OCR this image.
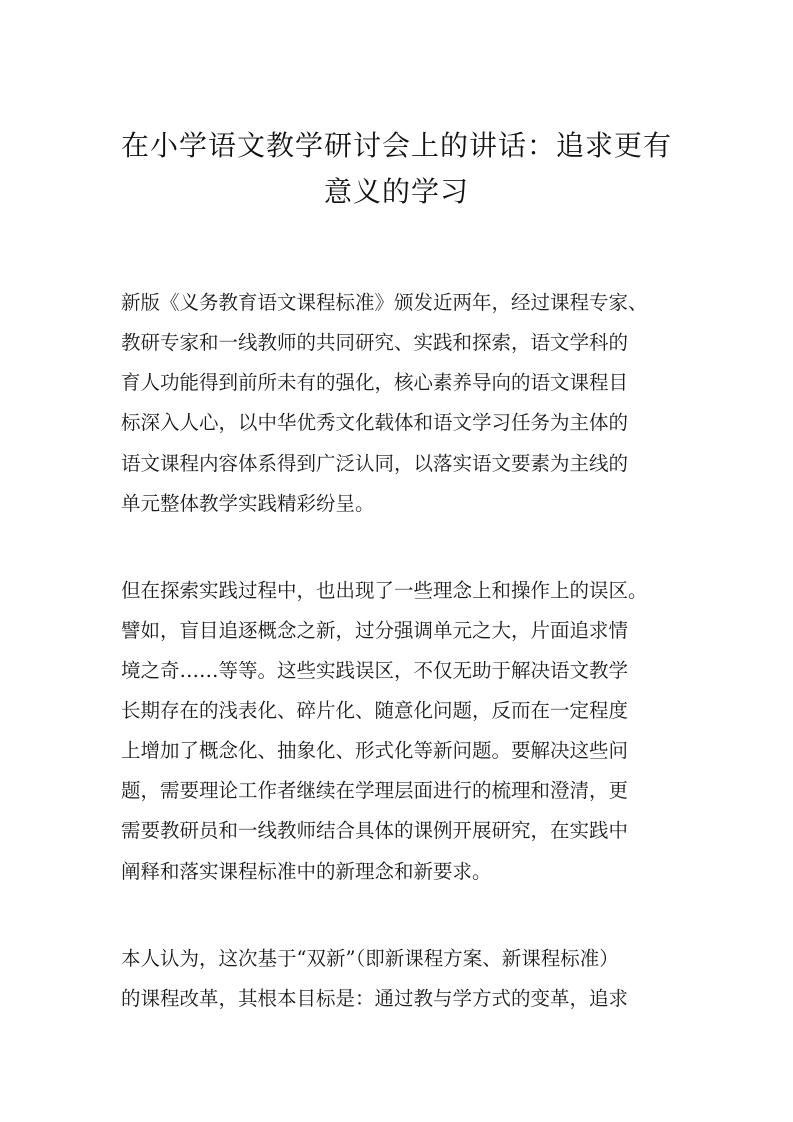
在小学语文教学研讨会上的讲话：追求更有
意义的学习
新版《义务教育语文课程标准》颁发近两年，经过课程专家、
教研专家和一线教师的共同研究、实践和探索，语文学科的
育人功能得到前所未有的强化，核心素养导向的语文课程目
标深入人心，以中华优秀文化载体和语文学习任务为主体的
语文课程内容体系得到广泛认同，以落实语文要素为主线的
单元整体教学实践精彩纷呈。
但在探索实践过程中，也出现了一些理念上和操作上的误区。
譬如，盲目追逐概念之新，过分强调单元之大，片面追求情
境之奇……等等。这些实践误区，不仅无助于解决语文教学
长期存在的浅表化、碎片化、随意化问题，反而在一定程度
上增加了概念化、抽象化、形式化等新问题。要解决这些问
题，需要理论工作者继续在学理层面进行的梳理和澄清，更
需要教研员和一线教师结合具体的课例开展研究，在实践中
阐释和落实课程标准中的新理念和新要求。
本人认为，这次基于“双新”（即新课程方案、新课程标准）
的课程改革，其根本目标是：通过教与学方式的变革，追求
